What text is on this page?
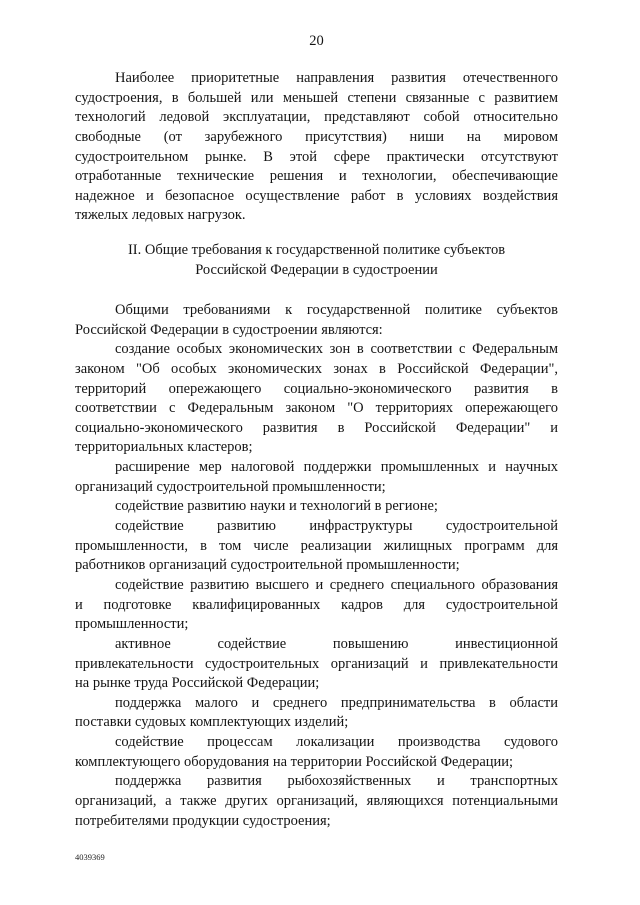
20
Наиболее приоритетные направления развития отечественного
судостроения, в большей или меньшей степени связанные с развитием
технологий ледовой эксплуатации, представляют собой относительно
свободные (от зарубежного присутствия) ниши на мировом
судостроительном рынке. В этой сфере практически отсутствуют
отработанные технические решения и технологии, обеспечивающие
надежное и безопасное осуществление работ в условиях воздействия
тяжелых ледовых нагрузок.
II. Общие требования к государственной политике субъектов
Российской Федерации в судостроении
Общими требованиями к государственной политике субъектов
Российской Федерации в судостроении являются:
создание особых экономических зон в соответствии с Федеральным
законом "Об особых экономических зонах в Российской Федерации",
территорий опережающего социально-экономического развития в
соответствии с Федеральным законом "О территориях опережающего
социально-экономического развития в Российской Федерации" и
территориальных кластеров;
расширение мер налоговой поддержки промышленных и научных
организаций судостроительной промышленности;
содействие развитию науки и технологий в регионе;
содействие развитию инфраструктуры судостроительной
промышленности, в том числе реализации жилищных программ для
работников организаций судостроительной промышленности;
содействие развитию высшего и среднего специального образования
и подготовке квалифицированных кадров для судостроительной
промышленности;
активное содействие повышению инвестиционной
привлекательности судостроительных организаций и привлекательности
на рынке труда Российской Федерации;
поддержка малого и среднего предпринимательства в области
поставки судовых комплектующих изделий;
содействие процессам локализации производства судового
комплектующего оборудования на территории Российской Федерации;
поддержка развития рыбохозяйственных и транспортных
организаций, а также других организаций, являющихся потенциальными
потребителями продукции судостроения;
4039369
